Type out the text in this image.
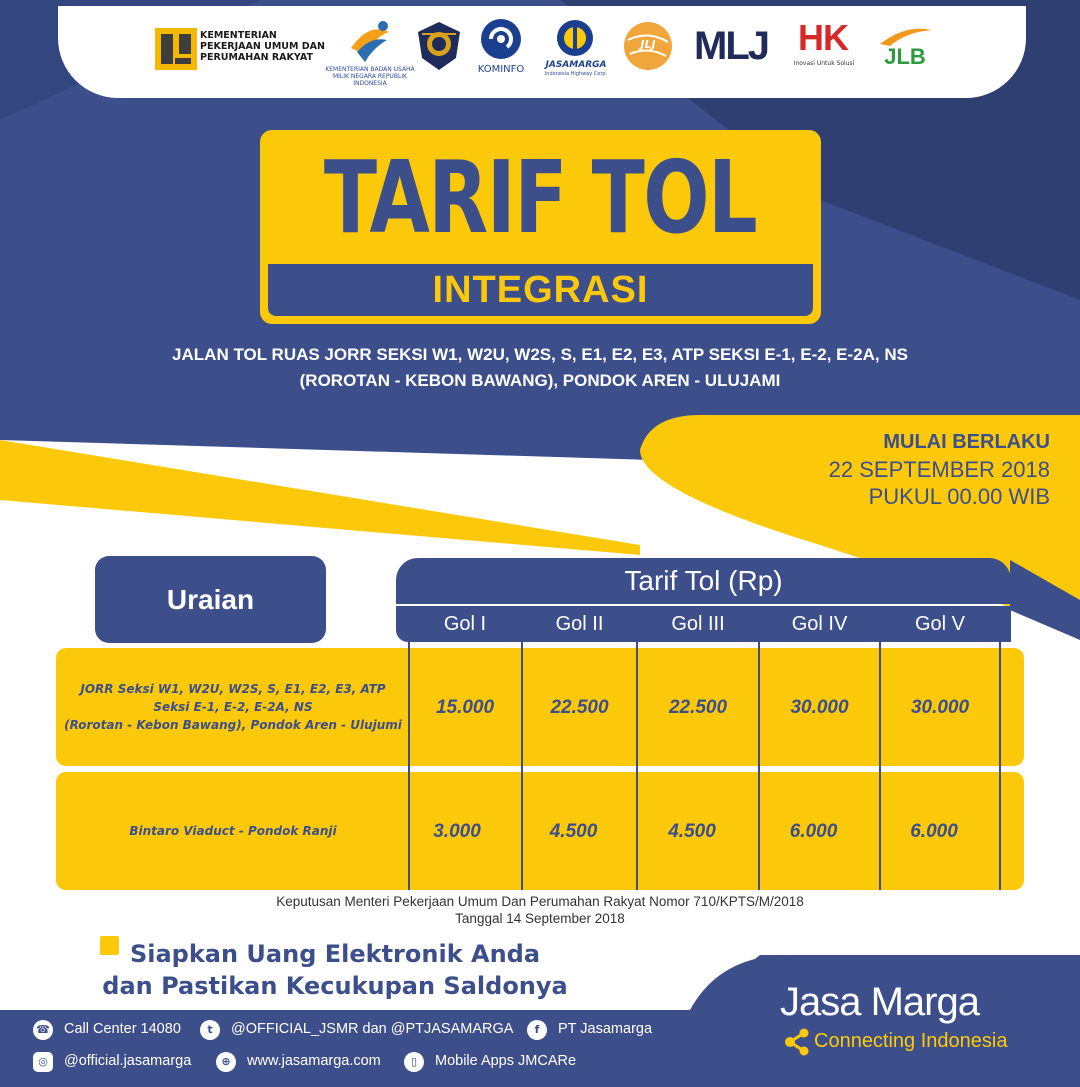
KEMENTERIAN PEKERJAAN UMUM DAN PERUMAHAN RAKYAT
KEMENTERIAN BADAN USAHA MILIK NEGARA REPUBLIK INDONESIA
KOMINFO	JASAMARGA
Indonesia Highway Corp.
JLJ MLJ HK
Inovasi Untuk Solusi	JLB
TARIF TOL
INTEGRASI
JALAN TOL RUAS JORR SEKSI W1, W2U, W2S, S, E1, E2, E3, ATP SEKSI E-1, E-2, E-2A, NS
(ROROTAN - KEBON BAWANG), PONDOK AREN - ULUJAMI
MULAI BERLAKU
22 SEPTEMBER 2018
PUKUL 00.00 WIB
Uraian
Tarif Tol (Rp)
Gol I	Gol II	Gol III	Gol IV	Gol V
JORR Seksi W1, W2U, W2S, S, E1, E2, E3, ATP
Seksi E-1, E-2, E-2A, NS
(Rorotan - Kebon Bawang), Pondok Aren - Ulujumi
15.000	22.500	22.500	30.000	30.000
Bintaro Viaduct - Pondok Ranji	3.000	4.500	4.500	6.000	6.000
Keputusan Menteri Pekerjaan Umum Dan Perumahan Rakyat Nomor 710/KPTS/M/2018
Tanggal 14 September 2018
Siapkan Uang Elektronik Anda
dan Pastikan Kecukupan Saldonya	Jasa Marga
Connecting Indonesia
☎ Call Center 14080	t	@OFFICIAL_JSMR dan @PTJASAMARGA	f	PT Jasamarga
◎	@official.jasamarga	⊕	www.jasamarga.com	▯	Mobile Apps JMCARe
